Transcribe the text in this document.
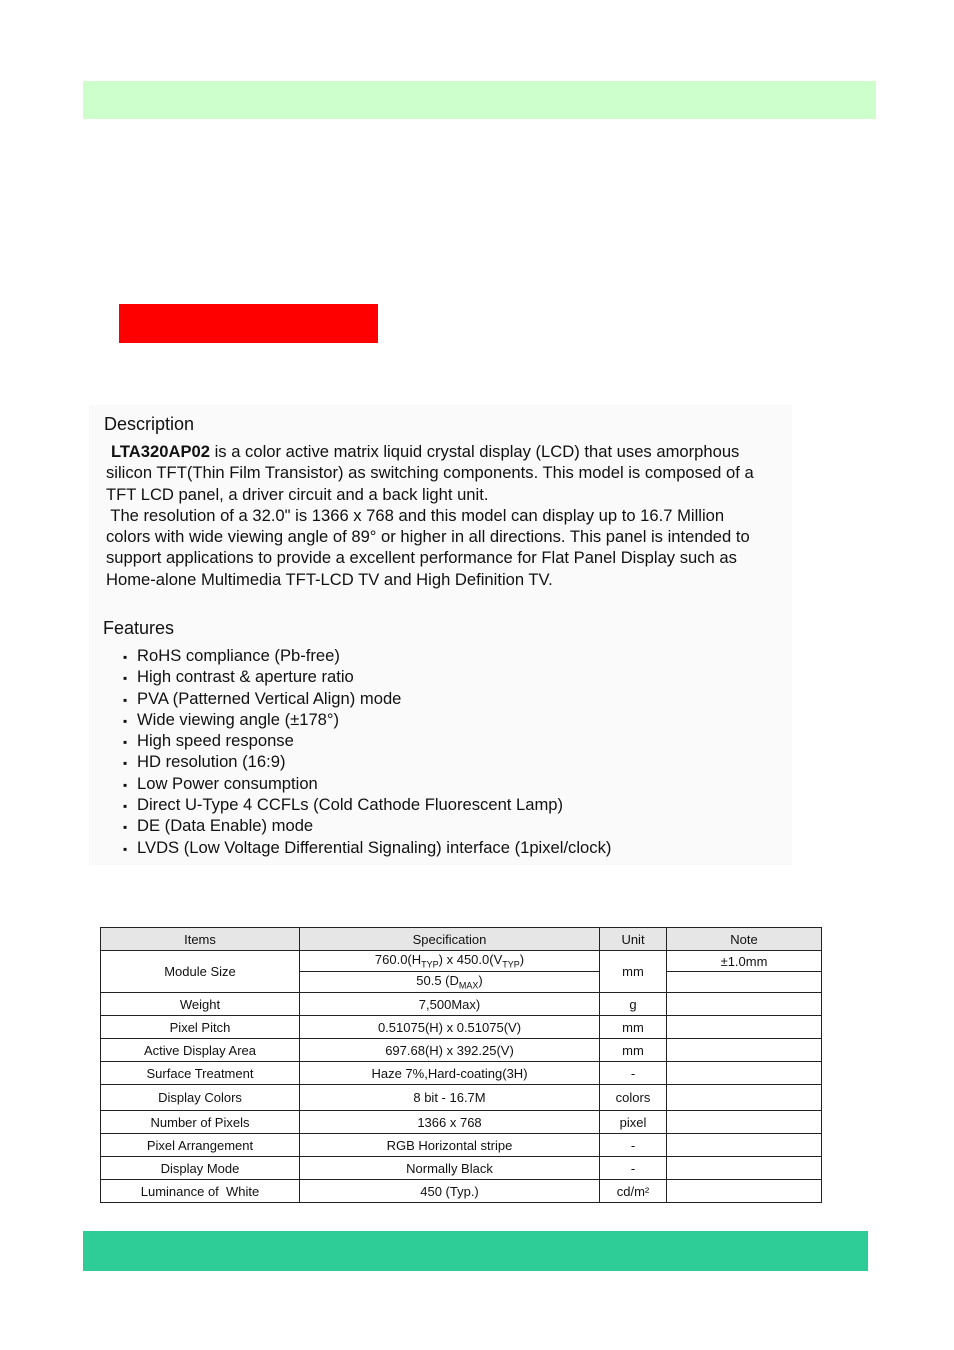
Description
LTA320AP02 is a color active matrix liquid crystal display (LCD) that uses amorphous
silicon TFT(Thin Film Transistor) as switching components. This model is composed of a
TFT LCD panel, a driver circuit and a back light unit.
The resolution of a 32.0" is 1366 x 768 and this model can display up to 16.7 Million
colors with wide viewing angle of 89° or higher in all directions. This panel is intended to
support applications to provide a excellent performance for Flat Panel Display such as
Home-alone Multimedia TFT-LCD TV and High Definition TV.
Features
▪ RoHS compliance (Pb-free)
▪ High contrast & aperture ratio
▪ PVA (Patterned Vertical Align) mode
▪ Wide viewing angle (±178°)
▪ High speed response
▪ HD resolution (16:9)
▪ Low Power consumption
▪ Direct U-Type 4 CCFLs (Cold Cathode Fluorescent Lamp)
▪ DE (Data Enable) mode
▪ LVDS (Low Voltage Differential Signaling) interface (1pixel/clock)
Items	Specification	Unit	Note
Module Size	$760.0(H_{TYP})$ x $450.0(V_{TYP})$	mm	±1.0mm
	50.5 $(D_{MAX})$		
Weight	7,500Max)	g	
Pixel Pitch	0.51075(H) x 0.51075(V)	mm	
Active Display Area	697.68(H) x 392.25(V)	mm	
Surface Treatment	Haze 7%,Hard-coating(3H)	-	
Display Colors	8 bit - 16.7M	colors	
Number of Pixels	1366 x 768	pixel	
Pixel Arrangement	RGB Horizontal stripe	-	
Display Mode	Normally Black	-	
Luminance of  White	450 (Typ.)	cd/m²	
